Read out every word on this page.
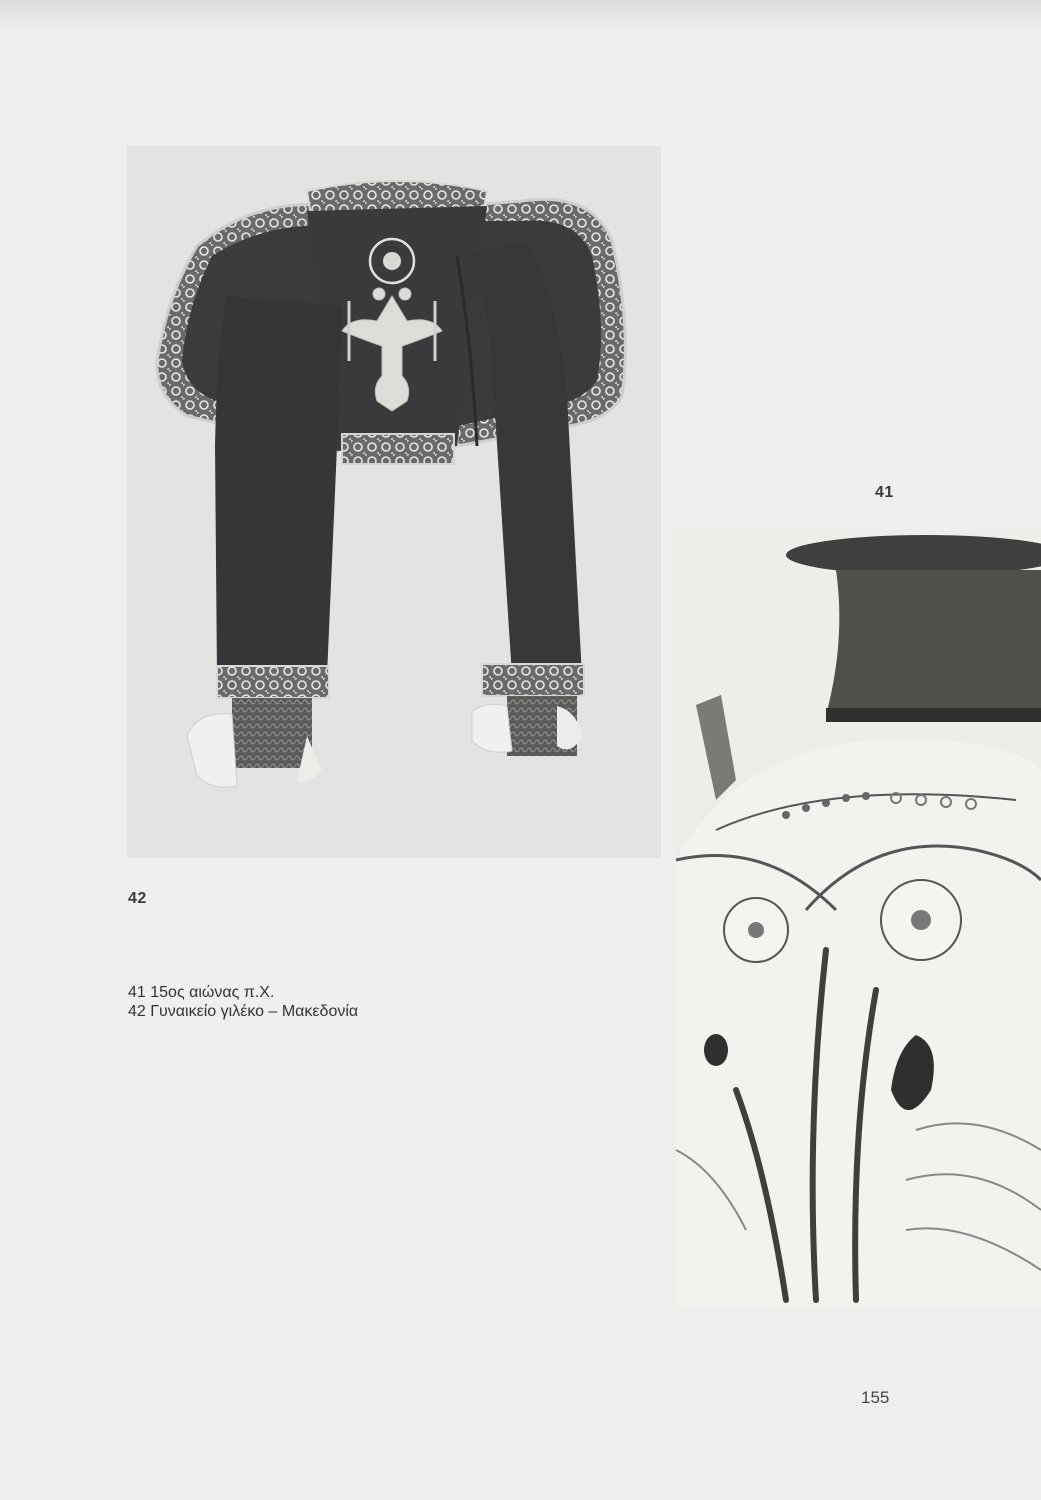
41
42
41 15ος αιώνας π.Χ.
42 Γυναικείο γιλέκο – Μακεδονία
155
